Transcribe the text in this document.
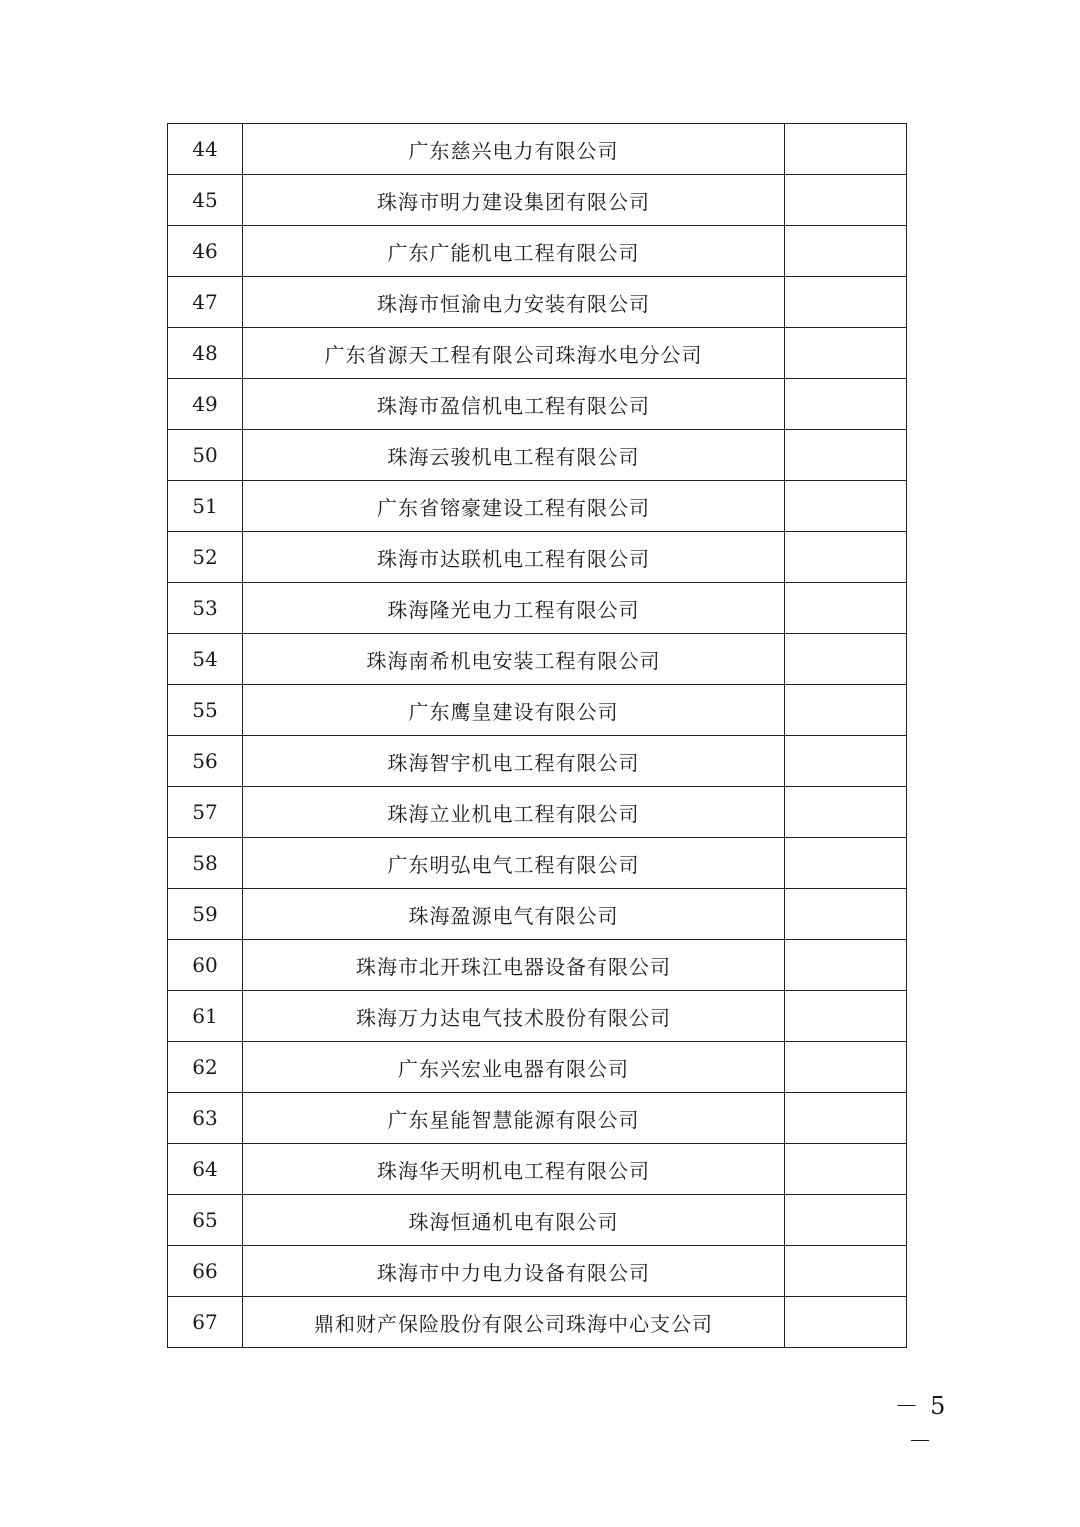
44	广东慈兴电力有限公司	
45	珠海市明力建设集团有限公司	
46	广东广能机电工程有限公司	
47	珠海市恒渝电力安装有限公司	
48	广东省源天工程有限公司珠海水电分公司	
49	珠海市盈信机电工程有限公司	
50	珠海云骏机电工程有限公司	
51	广东省镕豪建设工程有限公司	
52	珠海市达联机电工程有限公司	
53	珠海隆光电力工程有限公司	
54	珠海南希机电安装工程有限公司	
55	广东鹰皇建设有限公司	
56	珠海智宇机电工程有限公司	
57	珠海立业机电工程有限公司	
58	广东明弘电气工程有限公司	
59	珠海盈源电气有限公司	
60	珠海市北开珠江电器设备有限公司	
61	珠海万力达电气技术股份有限公司	
62	广东兴宏业电器有限公司	
63	广东星能智慧能源有限公司	
64	珠海华天明机电工程有限公司	
65	珠海恒通机电有限公司	
66	珠海市中力电力设备有限公司	
67	鼎和财产保险股份有限公司珠海中心支公司	
－ 5 －
